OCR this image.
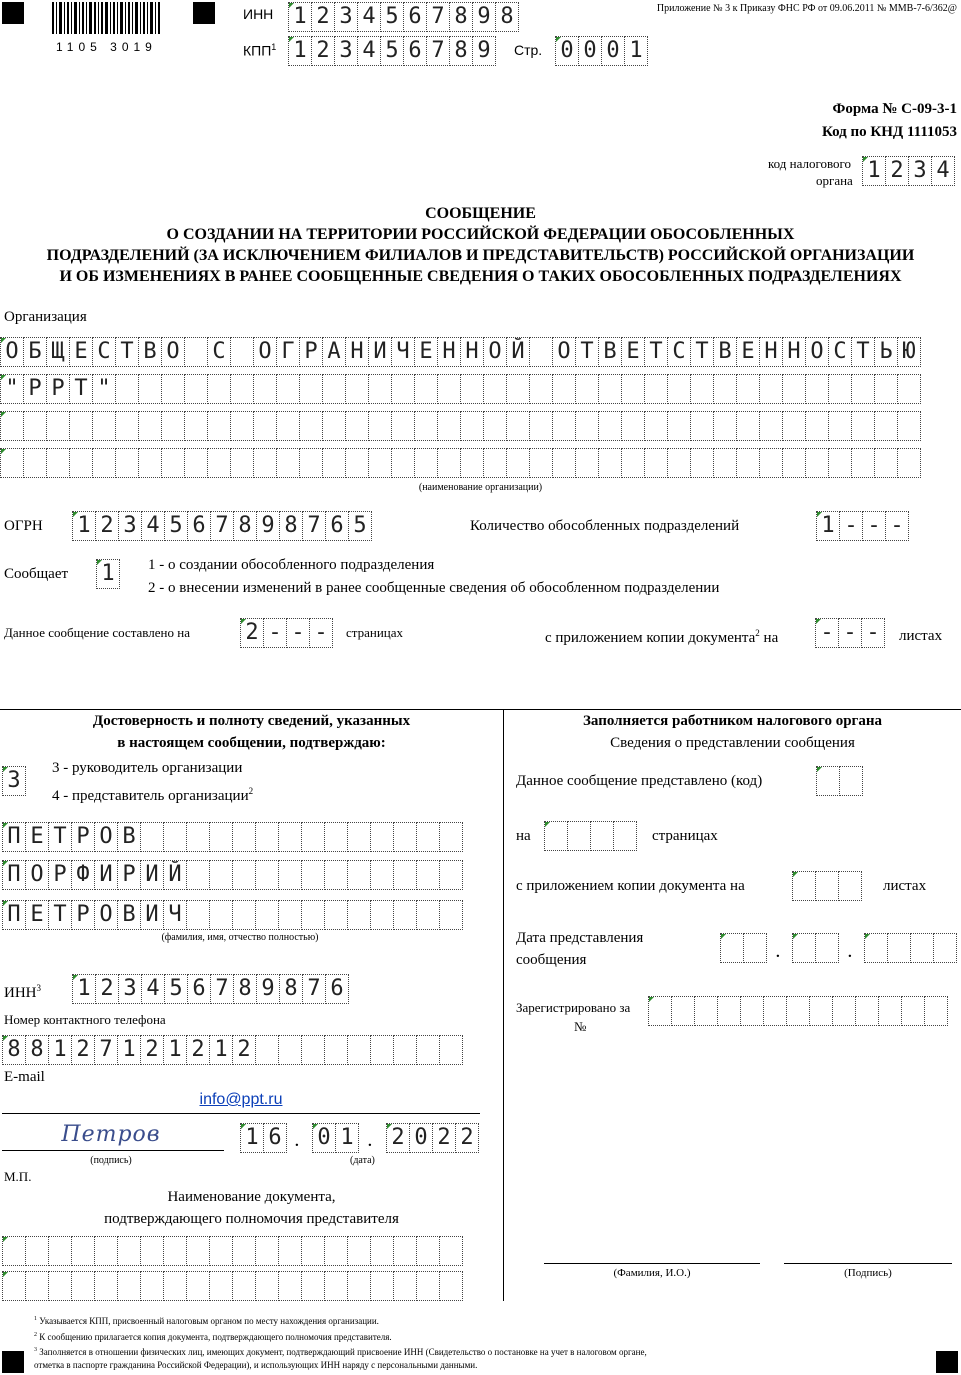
1105 3019
ИНН 1 2 3 4 5 6 7 8 9 8
КПП$^1$ 1 2 3 4 5 6 7 8 9	Стр. 0 0 0 1
Приложение № 3 к Приказу ФНС РФ от 09.06.2011 № ММВ-7-6/362@
Форма № С-09-3-1
Код по КНД 1111053
код налогового
органа 1 2 3 4
СООБЩЕНИЕ
О СОЗДАНИИ НА ТЕРРИТОРИИ РОССИЙСКОЙ ФЕДЕРАЦИИ ОБОСОБЛЕННЫХ
ПОДРАЗДЕЛЕНИЙ (ЗА ИСКЛЮЧЕНИЕМ ФИЛИАЛОВ И ПРЕДСТАВИТЕЛЬСТВ) РОССИЙСКОЙ ОРГАНИЗАЦИИ
И ОБ ИЗМЕНЕНИЯХ В РАНЕЕ СООБЩЕННЫЕ СВЕДЕНИЯ О ТАКИХ ОБОСОБЛЕННЫХ ПОДРАЗДЕЛЕНИЯХ
Организация
О Б Щ Е С Т В О С О Г Р А Н И Ч Е Н Н О Й О Т В Е Т С Т В Е Н Н О С Т Ь Ю
" Р Р Т "
(наименование организации)
ОГРН 1 2 3 4 5 6 7 8 9 8 7 6 5	Количество обособленных подразделений	1 - - -
Сообщает 1	1 - о создании обособленного подразделения
2 - о внесении изменений в ранее сообщенные сведения об обособленном подразделении
Данное сообщение составлено на	2 - - -	страницах	с приложением копии документа$^2$ на - - -	листах
Достоверность и полноту сведений, указанных
в настоящем сообщении, подтверждаю:
3	3 - руководитель организации
4 - представитель организации$^2$
П Е Т Р О В
П О Р Ф И Р И Й
П Е Т Р О В И Ч
(фамилия, имя, отчество полностью)
ИНН$^3$ 1 2 3 4 5 6 7 8 9 8 7 6
Номер контактного телефона
8 8 1 2 7 1 2 1 2 1 2
E-mail
info@ppt.ru
Петров
(подпись)
1 6 . 0 1 . 2 0 2 2
(дата)
М.П.
Наименование документа,
подтверждающего полномочия представителя
Заполняется работником налогового органа
Сведения о представлении сообщения
Данное сообщение представлено (код)
на	страницах
с приложением копии документа на	листах
Дата представления
сообщения	.	.
Зарегистрировано за
№
(Фамилия, И.О.)	(Подпись)
$^1$ Указывается КПП, присвоенный налоговым органом по месту нахождения организации.
$^2$ К сообщению прилагается копия документа, подтверждающего полномочия представителя.
$^3$ Заполняется в отношении физических лиц, имеющих документ, подтверждающий присвоение ИНН (Свидетельство о постановке на учет в налоговом органе,
отметка в паспорте гражданина Российской Федерации), и использующих ИНН наряду с персональными данными.
